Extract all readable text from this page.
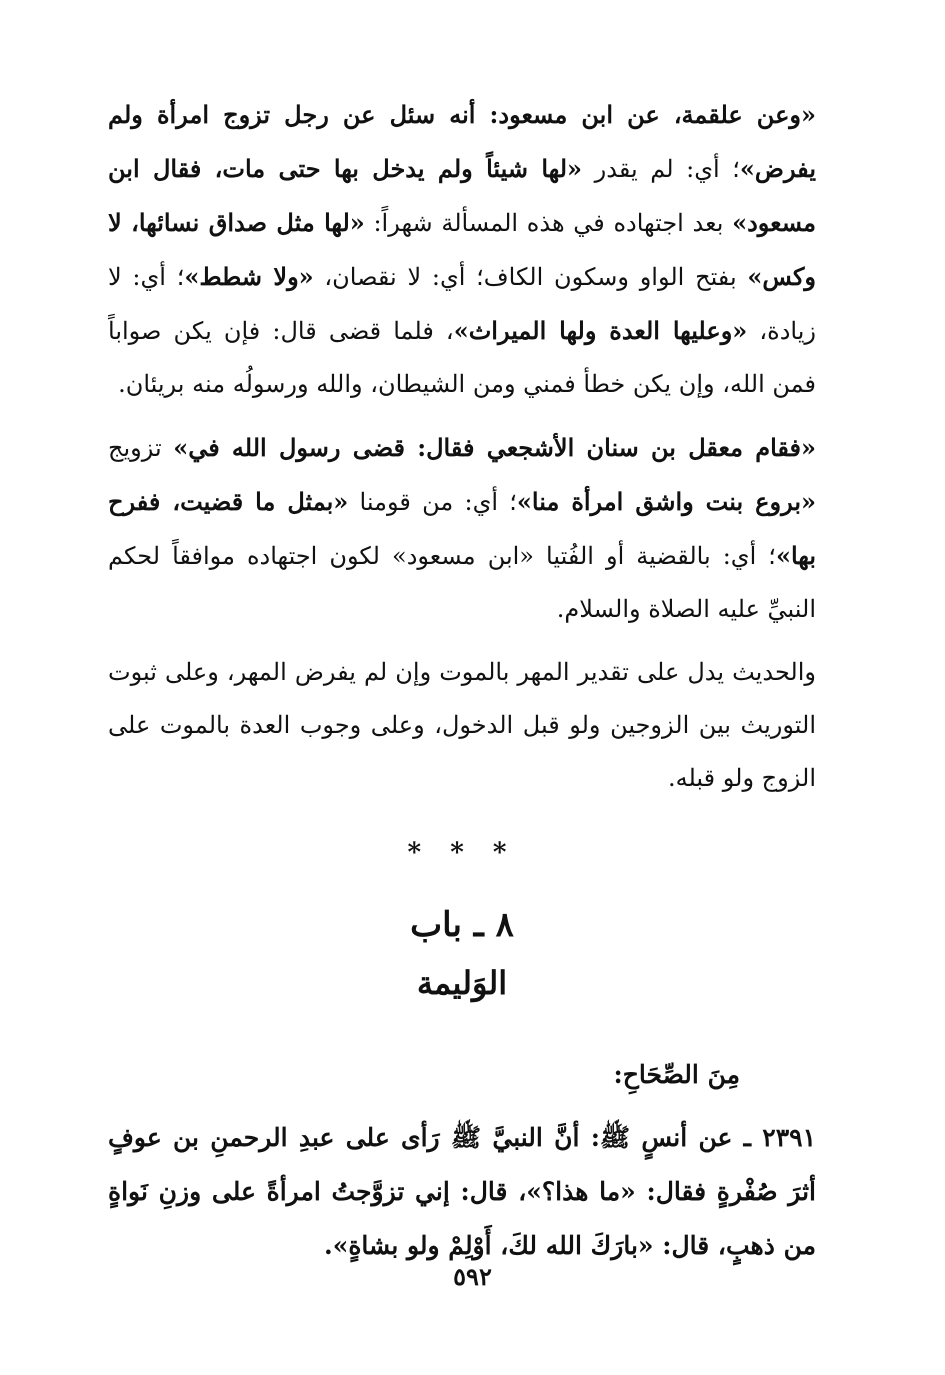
«وعن علقمة، عن ابن مسعود: أنه سئل عن رجل تزوج امرأة ولم يفرض»؛ أي: لم يقدر «لها شيئاً ولم يدخل بها حتى مات، فقال ابن مسعود» بعد اجتهاده في هذه المسألة شهراً: «لها مثل صداق نسائها، لا وكس» بفتح الواو وسكون الكاف؛ أي: لا نقصان، «ولا شطط»؛ أي: لا زيادة، «وعليها العدة ولها الميراث»، فلما قضى قال: فإن يكن صواباً فمن الله، وإن يكن خطأ فمني ومن الشيطان، والله ورسولُه منه بريئان.

«فقام معقل بن سنان الأشجعي فقال: قضى رسول الله في» تزويج «بروع بنت واشق امرأة منا»؛ أي: من قومنا «بمثل ما قضيت، ففرح بها»؛ أي: بالقضية أو الفُتيا «ابن مسعود» لكون اجتهاده موافقاً لحكم النبيِّ عليه الصلاة والسلام.

والحديث يدل على تقدير المهر بالموت وإن لم يفرض المهر، وعلى ثبوت التوريث بين الزوجين ولو قبل الدخول، وعلى وجوب العدة بالموت على الزوج ولو قبله.

* * *
٨ ـ باب
الوَليمة
مِنَ الصِّحَاحِ:

٢٣٩١ ـ عن أنسٍ ﷺ: أنَّ النبيَّ ﷺ رَأى على عبدِ الرحمنِ بن عوفٍ أثرَ صُفْرةٍ فقال: «ما هذا؟»، قال: إني تزوَّجتُ امرأةً على وزنِ نَواةٍ من ذهبٍ، قال: «بارَكَ الله لكَ، أَوْلِمْ ولو بشاةٍ».

٥٩٢
